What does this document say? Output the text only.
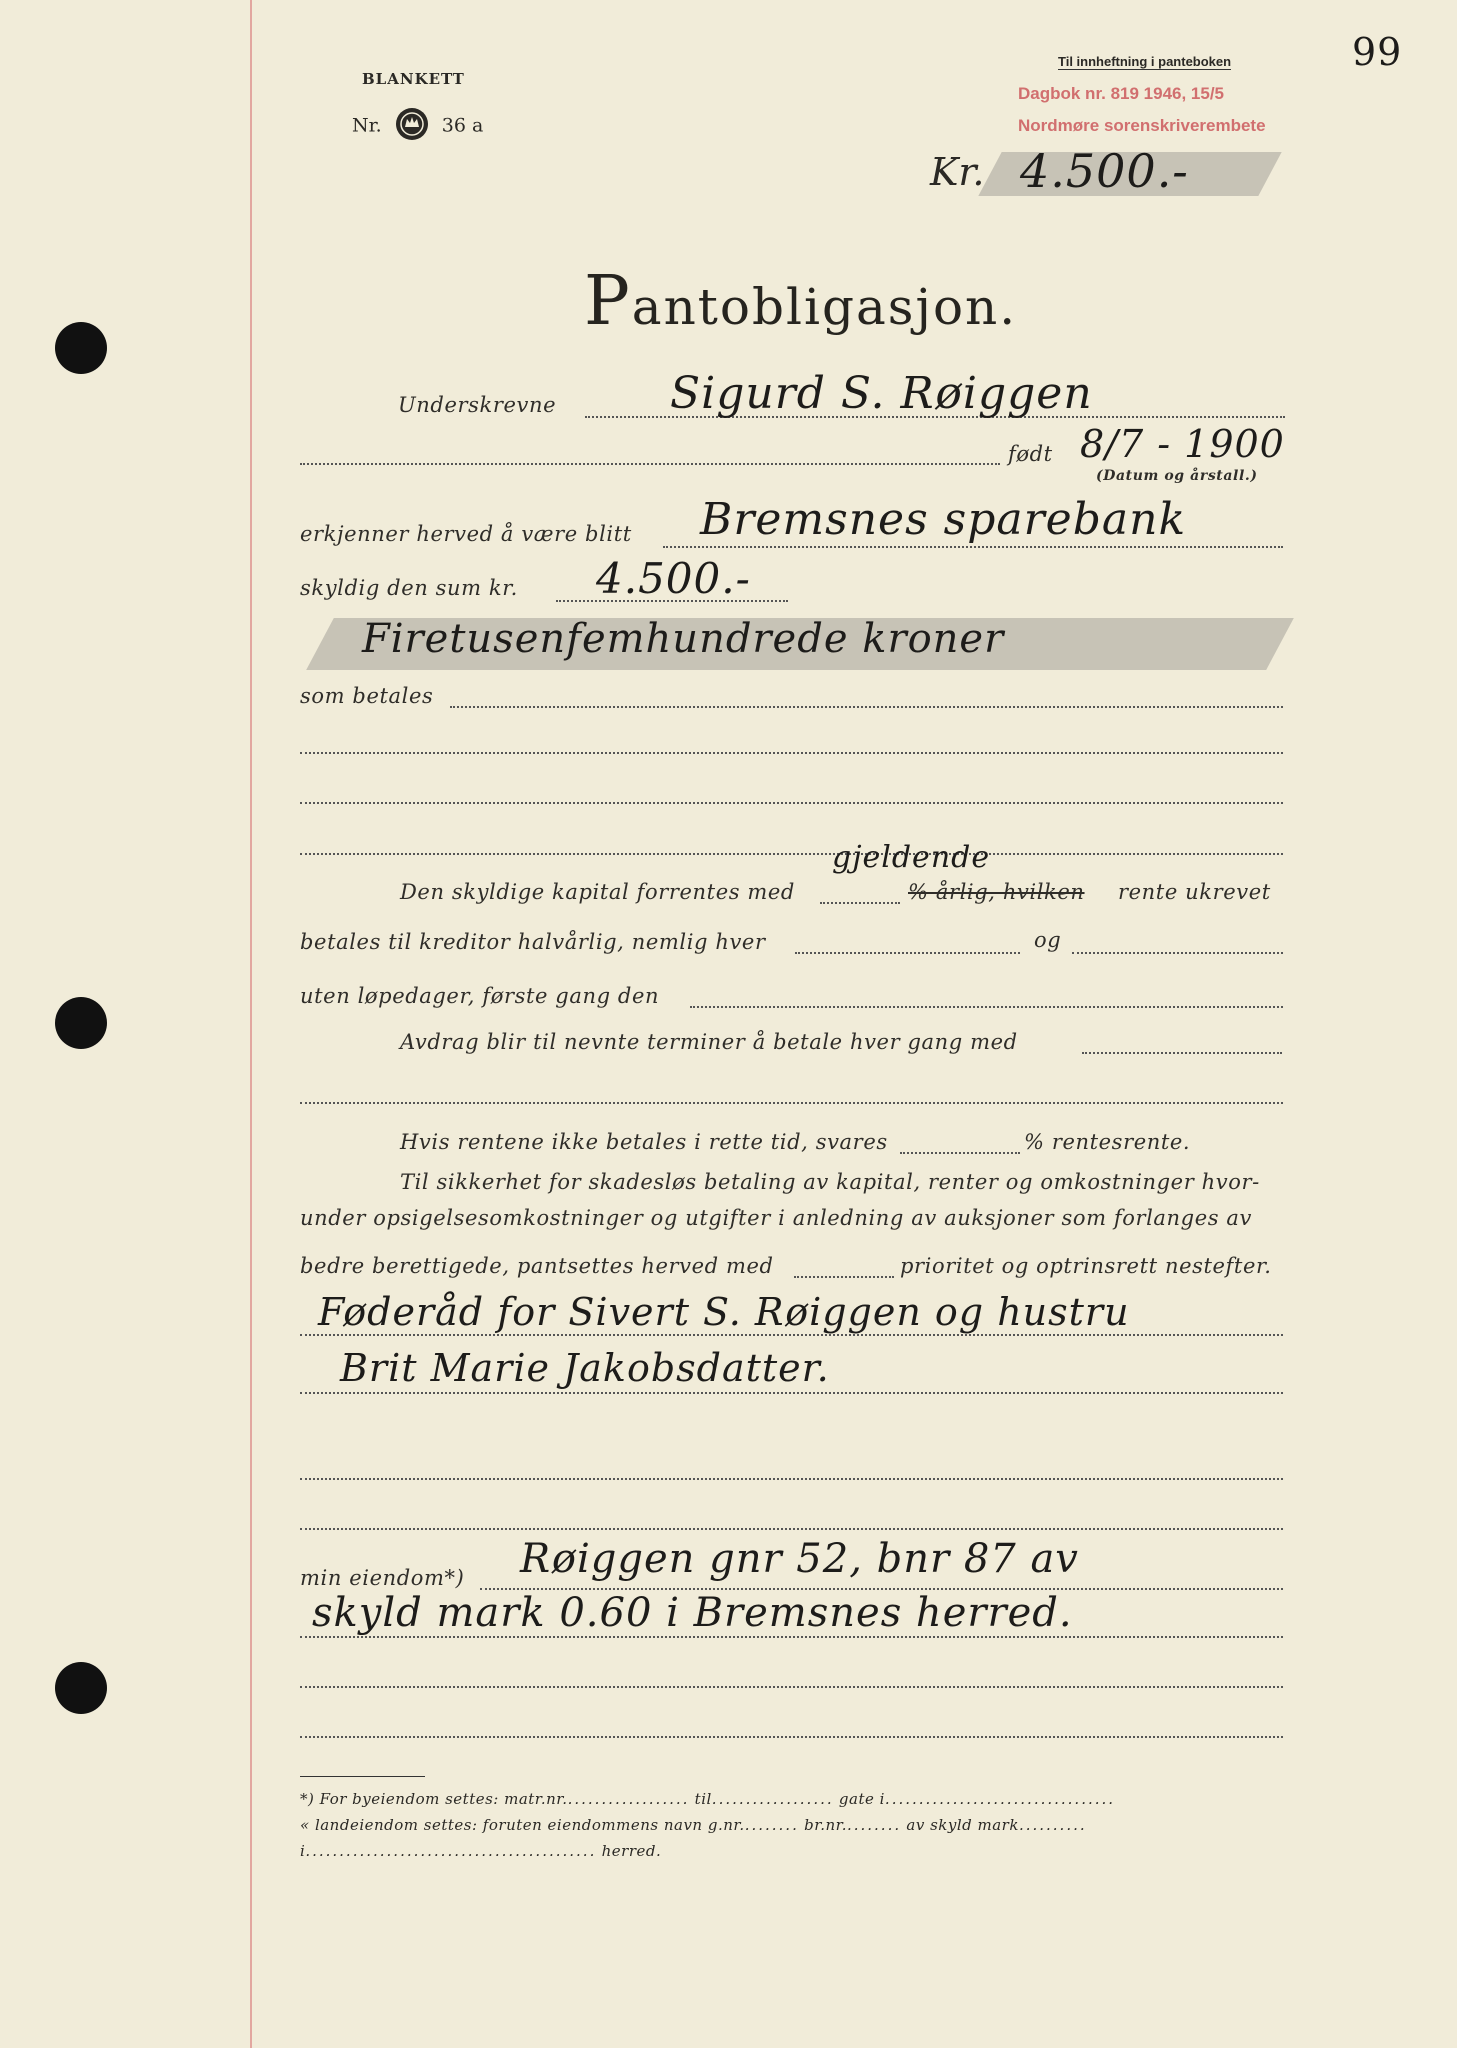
BLANKETT
Nr.	36 a
Til innheftning i panteboken
Dagbok nr. 819 1946, 15/5
Nordmøre sorenskriverembete
99
Kr. 4.500.-
Pantobligasjon.
Underskrevne	Sigurd S. Røiggen
født 8/7 - 1900
(Datum og årstall.)
erkjenner herved å være blitt Bremsnes sparebank
skyldig den sum kr. 4.500.-
Firetusenfemhundrede kroner
som betales
Den skyldige kapital forrentes med
gjeldende
% årlig, hvilken rente ukrevet
betales til kreditor halvårlig, nemlig hver	og
uten løpedager, første gang den
Avdrag blir til nevnte terminer å betale hver gang med
Hvis rentene ikke betales i rette tid, svares	% rentesrente.
Til sikkerhet for skadesløs betaling av kapital, renter og omkostninger hvor-
under opsigelsesomkostninger og utgifter i anledning av auksjoner som forlanges av
bedre berettigede, pantsettes herved med	prioritet og optrinsrett nestefter.
Føderåd for Sivert S. Røiggen og hustru
Brit Marie Jakobsdatter.
min eiendom*) Røiggen gnr 52, bnr 87 av
skyld mark 0.60 i Bremsnes herred.
*) For byeiendom settes: matr.nr................... til.................. gate i..................................
« landeiendom settes: foruten eiendommens navn g.nr......... br.nr......... av skyld mark..........
i........................................... herred.
